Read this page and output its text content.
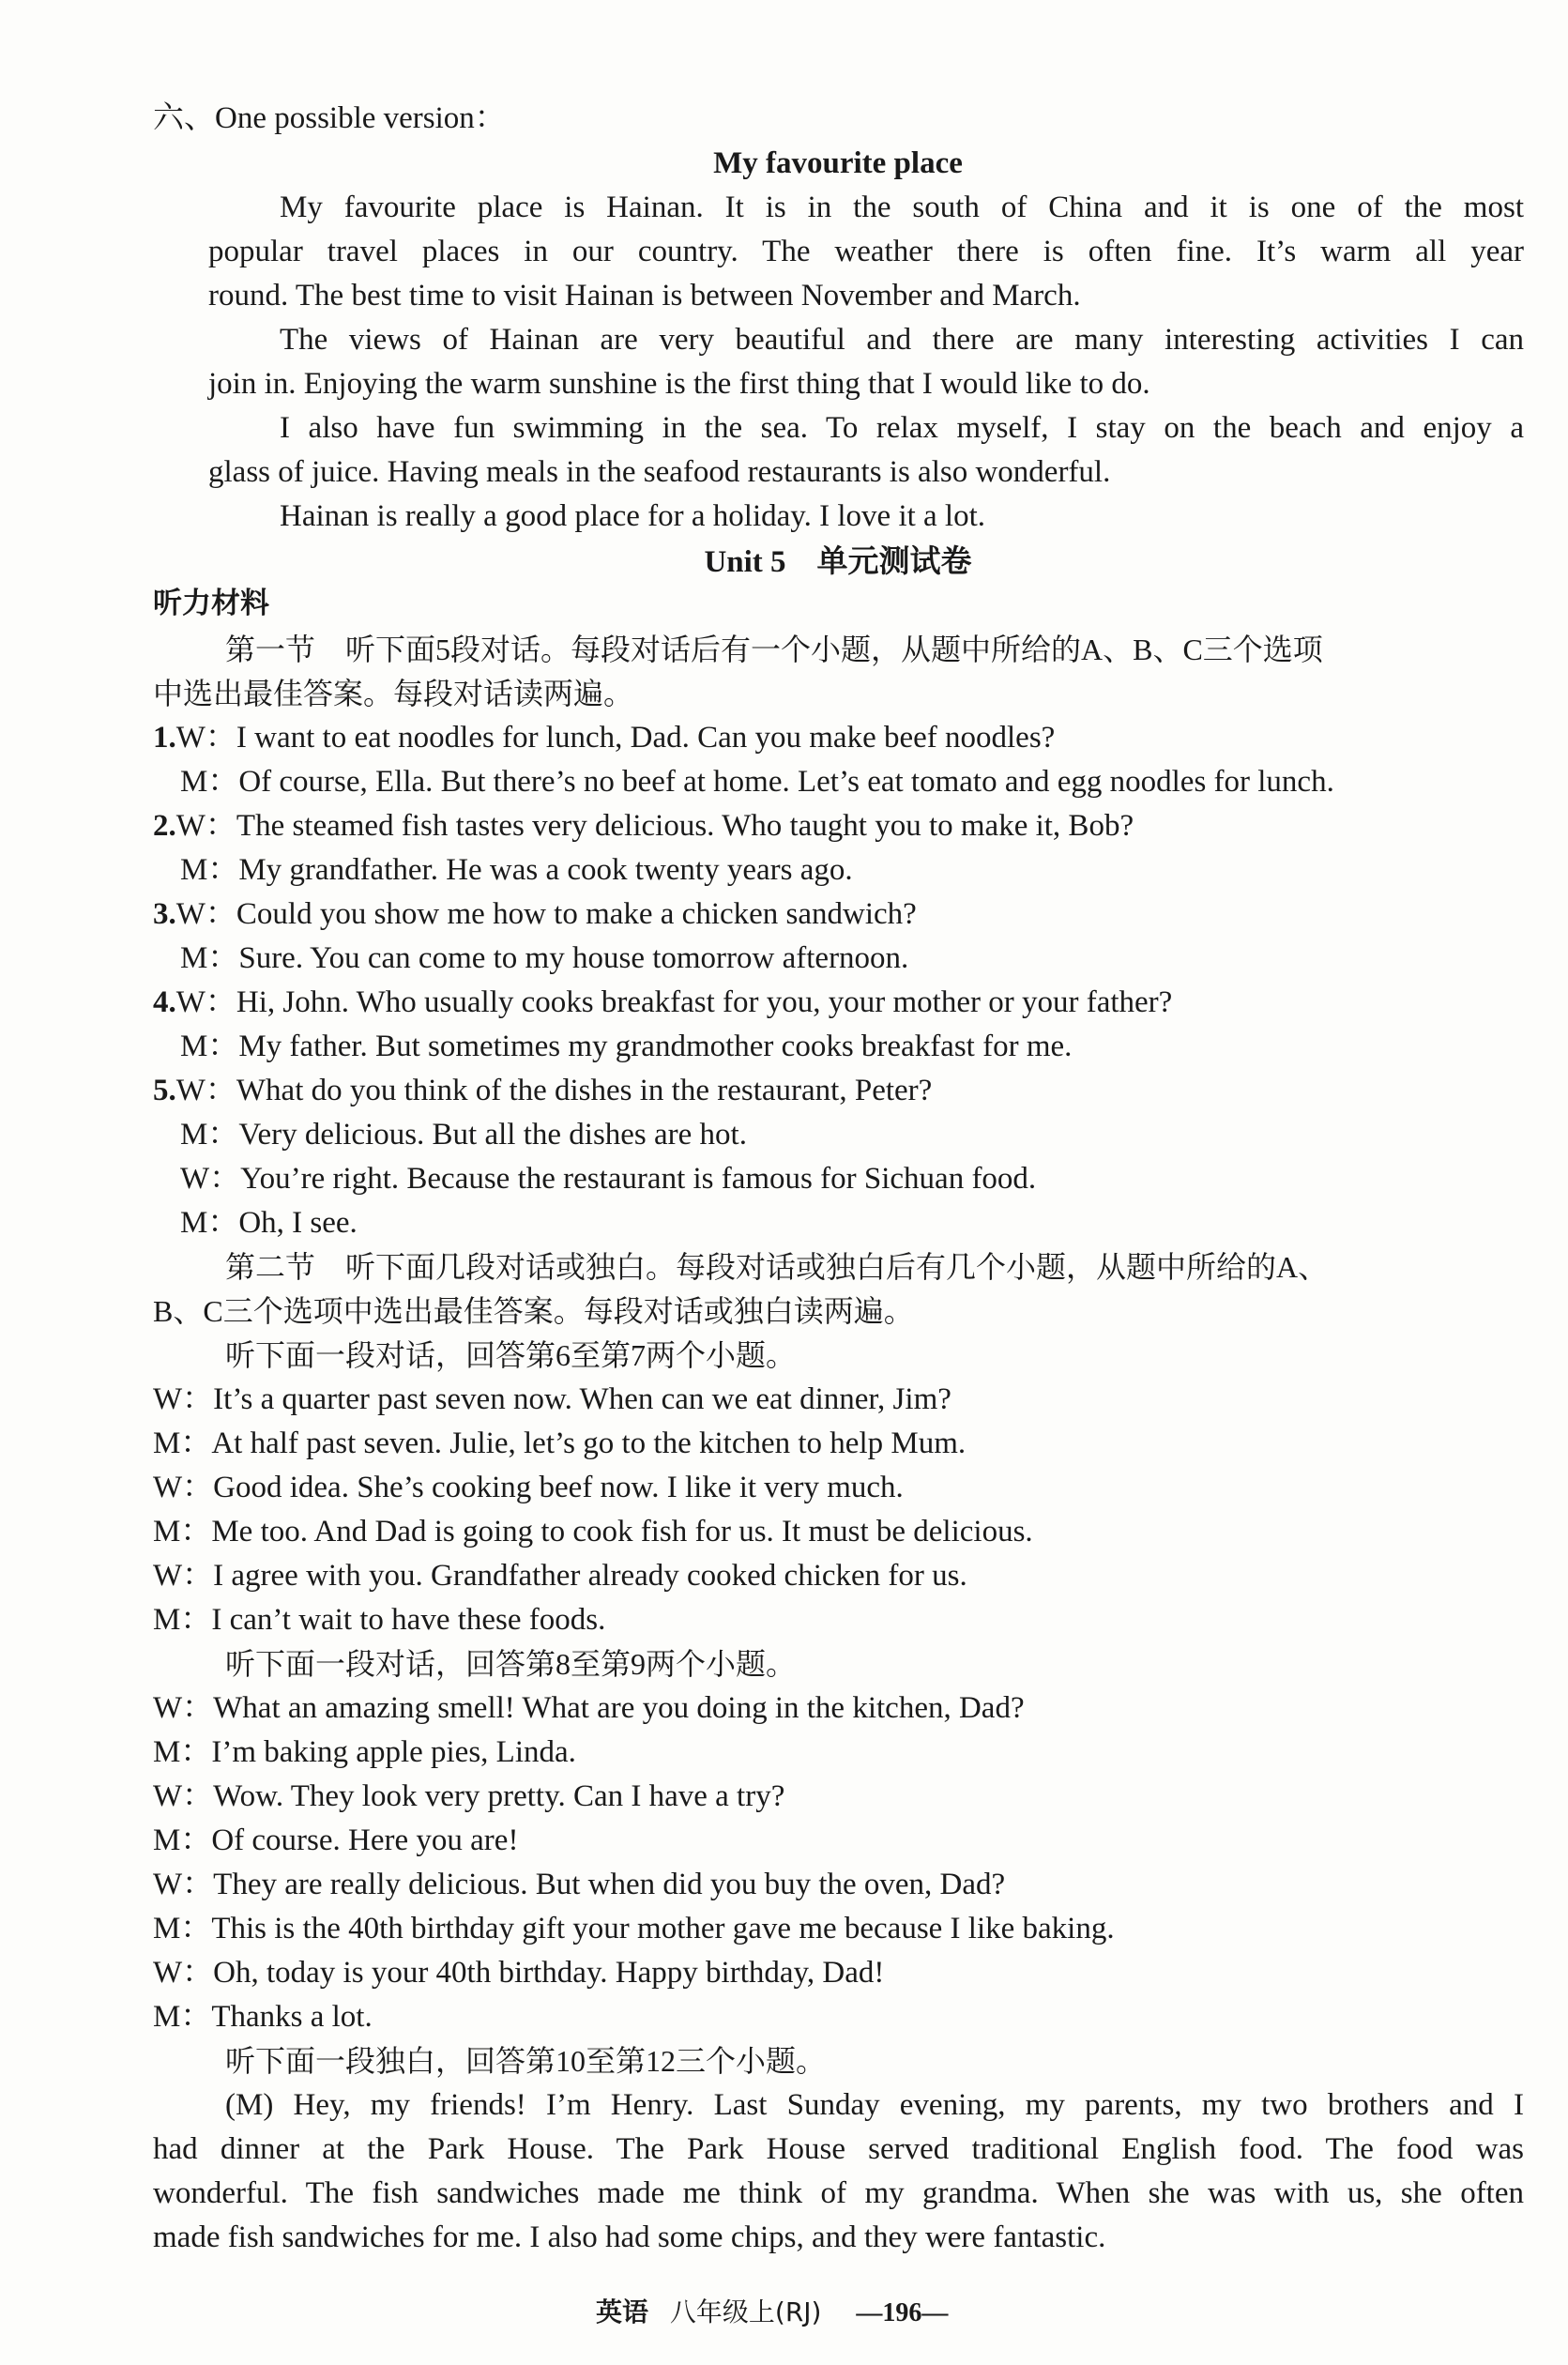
六、One possible version：
My favourite place
My favourite place is Hainan. It is in the south of China and it is one of the most
popular travel places in our country. The weather there is often fine. It’s warm all year
round. The best time to visit Hainan is between November and March.
The views of Hainan are very beautiful and there are many interesting activities I can
join in. Enjoying the warm sunshine is the first thing that I would like to do.
I also have fun swimming in the sea. To relax myself, I stay on the beach and enjoy a
glass of juice. Having meals in the seafood restaurants is also wonderful.
Hainan is really a good place for a holiday. I love it a lot.
Unit 5　单元测试卷
听力材料
第一节　听下面5段对话。每段对话后有一个小题，从题中所给的A、B、C三个选项
中选出最佳答案。每段对话读两遍。
1.W：I want to eat noodles for lunch, Dad. Can you make beef noodles?
M：Of course, Ella. But there’s no beef at home. Let’s eat tomato and egg noodles for lunch.
2.W：The steamed fish tastes very delicious. Who taught you to make it, Bob?
M：My grandfather. He was a cook twenty years ago.
3.W：Could you show me how to make a chicken sandwich?
M：Sure. You can come to my house tomorrow afternoon.
4.W：Hi, John. Who usually cooks breakfast for you, your mother or your father?
M：My father. But sometimes my grandmother cooks breakfast for me.
5.W：What do you think of the dishes in the restaurant, Peter?
M：Very delicious. But all the dishes are hot.
W：You’re right. Because the restaurant is famous for Sichuan food.
M：Oh, I see.
第二节　听下面几段对话或独白。每段对话或独白后有几个小题，从题中所给的A、
B、C三个选项中选出最佳答案。每段对话或独白读两遍。
听下面一段对话，回答第6至第7两个小题。
W：It’s a quarter past seven now. When can we eat dinner, Jim?
M：At half past seven. Julie, let’s go to the kitchen to help Mum.
W：Good idea. She’s cooking beef now. I like it very much.
M：Me too. And Dad is going to cook fish for us. It must be delicious.
W：I agree with you. Grandfather already cooked chicken for us.
M：I can’t wait to have these foods.
听下面一段对话，回答第8至第9两个小题。
W：What an amazing smell! What are you doing in the kitchen, Dad?
M：I’m baking apple pies, Linda.
W：Wow. They look very pretty. Can I have a try?
M：Of course. Here you are!
W：They are really delicious. But when did you buy the oven, Dad?
M：This is the 40th birthday gift your mother gave me because I like baking.
W：Oh, today is your 40th birthday. Happy birthday, Dad!
M：Thanks a lot.
听下面一段独白，回答第10至第12三个小题。
(M) Hey, my friends! I’m Henry. Last Sunday evening, my parents, my two brothers and I
had dinner at the Park House. The Park House served traditional English food. The food was
wonderful. The fish sandwiches made me think of my grandma. When she was with us, she often
made fish sandwiches for me. I also had some chips, and they were fantastic.
英语 八年级上(RJ) —196—
